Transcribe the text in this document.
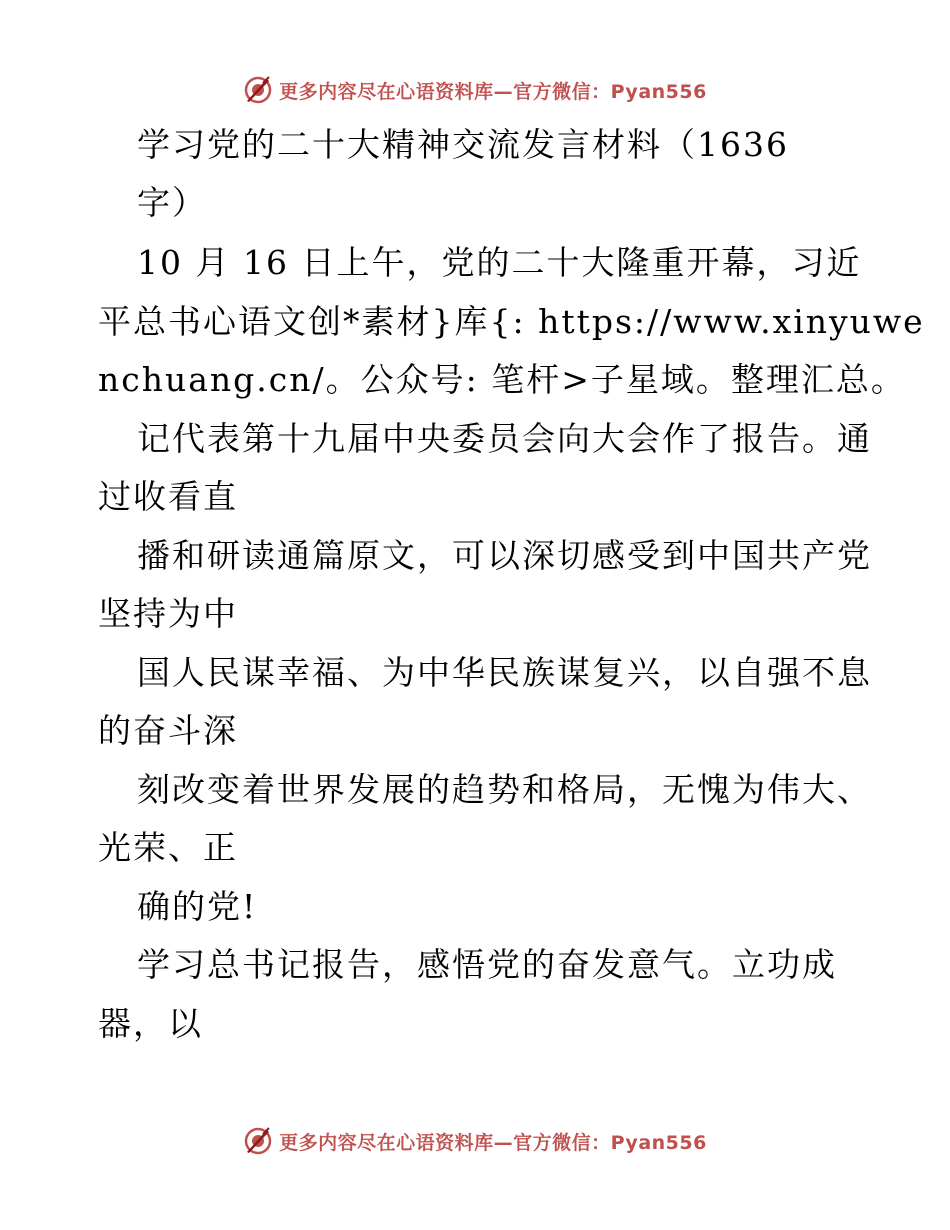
更多内容尽在心语资料库—官方微信：Pyan556
学习党的二十大精神交流发言材料（1636
字）
10 月 16 日上午，党的二十大隆重开幕，习近
平总书心语文创*素材}库{: https://www.xinyuwe
nchuang.cn/。公众号: 笔杆>子星域。整理汇总。
记代表第十九届中央委员会向大会作了报告。通
过收看直
播和研读通篇原文，可以深切感受到中国共产党
坚持为中
国人民谋幸福、为中华民族谋复兴，以自强不息
的奋斗深
刻改变着世界发展的趋势和格局，无愧为伟大、
光荣、正
确的党!
学习总书记报告，感悟党的奋发意气。立功成
器，以
更多内容尽在心语资料库—官方微信：Pyan556
